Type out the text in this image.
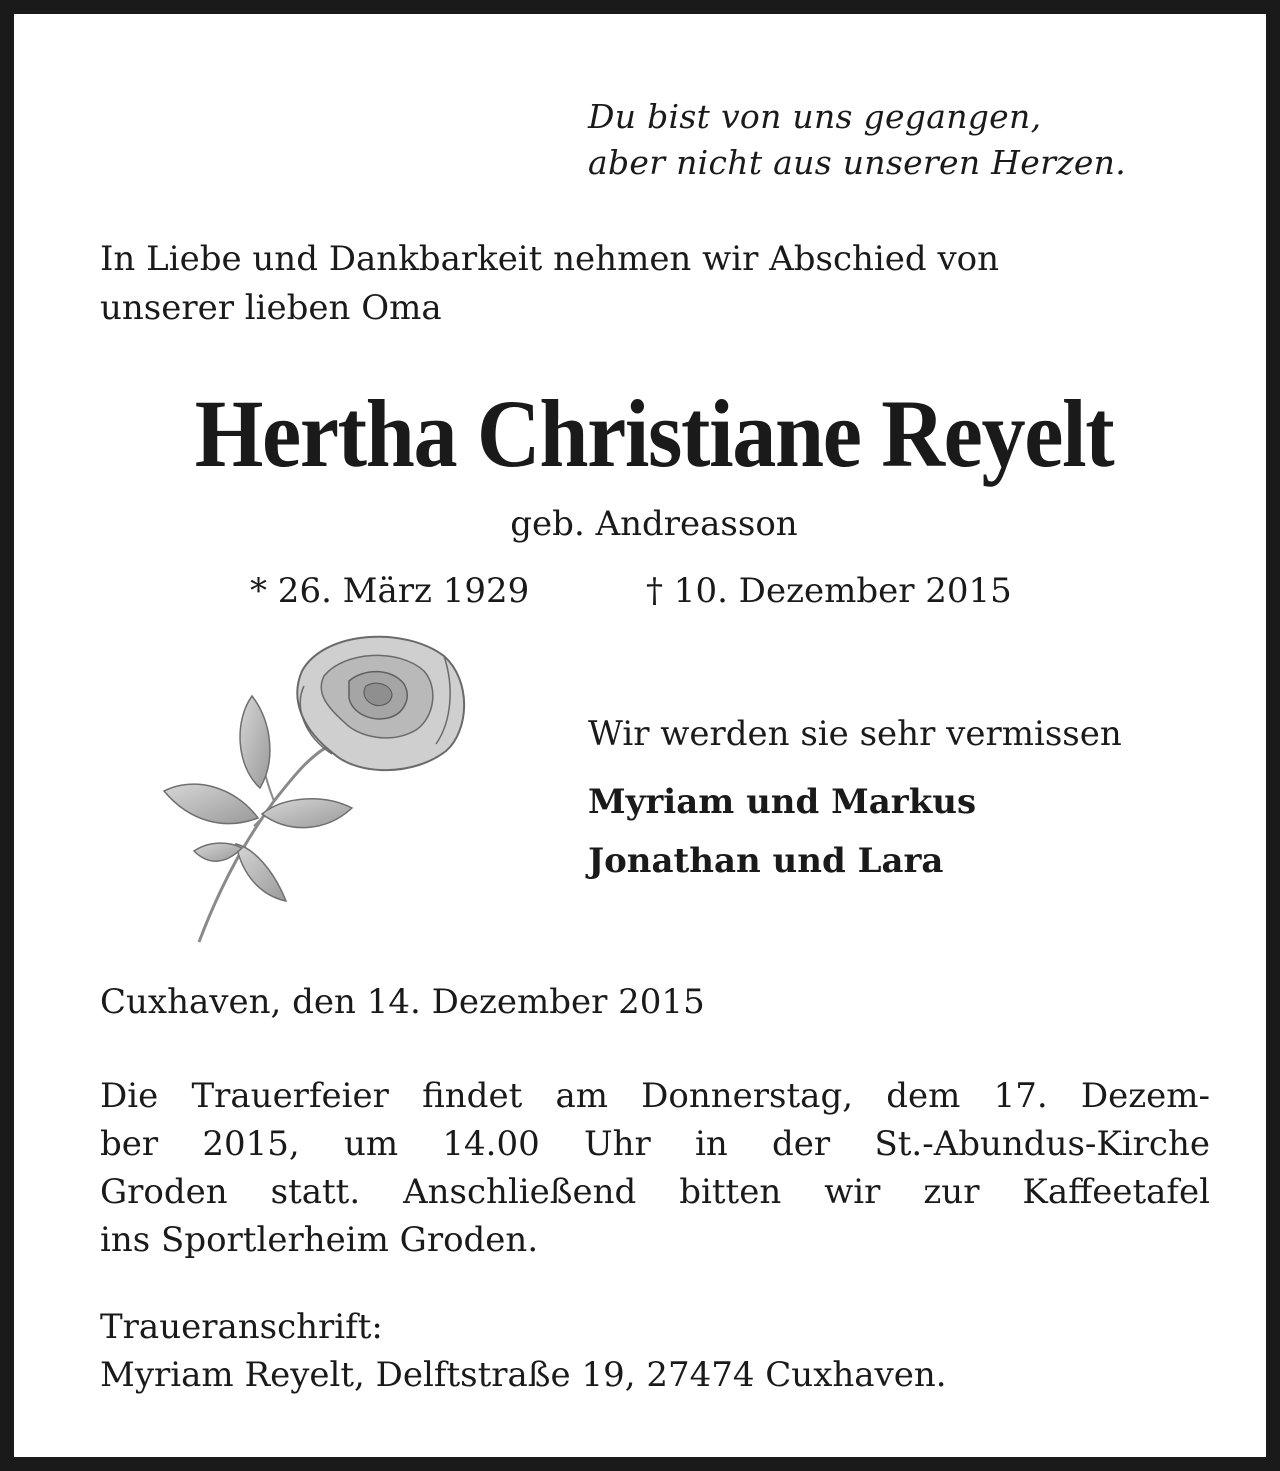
Du bist von uns gegangen,
aber nicht aus unseren Herzen.
In Liebe und Dankbarkeit nehmen wir Abschied von
unserer lieben Oma
Hertha Christiane Reyelt
geb. Andreasson
* 26. März 1929	† 10. Dezember 2015
Wir werden sie sehr vermissen
Myriam und Markus
Jonathan und Lara
Cuxhaven, den 14. Dezember 2015
Die Trauerfeier findet am Donnerstag, dem 17. Dezem-
ber 2015, um 14.00 Uhr in der St.-Abundus-Kirche
Groden statt. Anschließend bitten wir zur Kaffeetafel
ins Sportlerheim Groden.
Traueranschrift:
Myriam Reyelt, Delftstraße 19, 27474 Cuxhaven.
